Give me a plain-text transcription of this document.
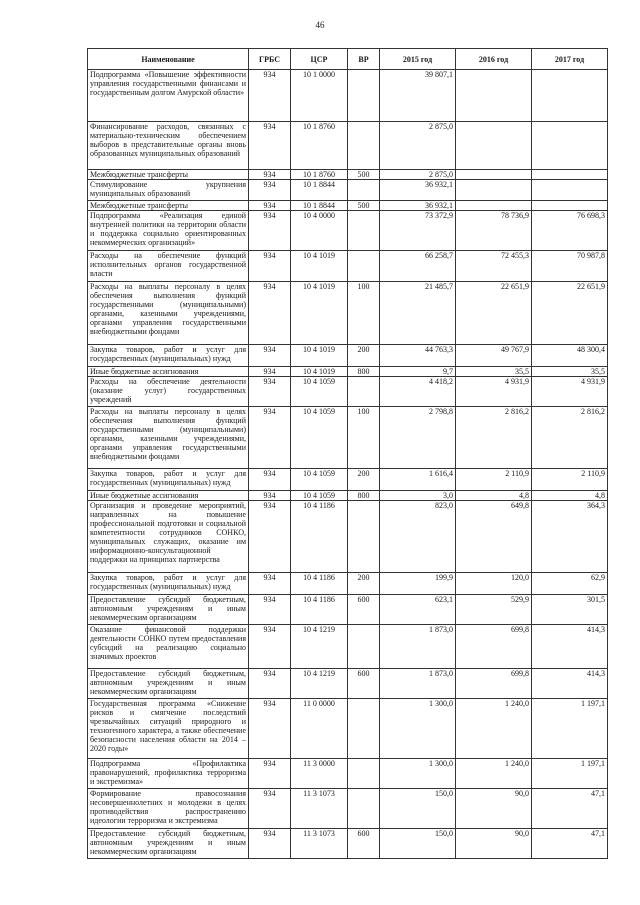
46
Наименование	ГРБС	ЦСР	ВР	2015 год	2016 год	2017 год
Подпрограмма «Повышение эффективности управления государственными финансами и государственным долгом Амурской области»	934	10 1 0000		39 807,1		
Финансирование расходов, связанных с материально-техническим обеспечением выборов в представительные органы вновь образованных муниципальных образований	934	10 1 8760		2 875,0		
Межбюджетные трансферты	934	10 1 8760	500	2 875,0		
Стимулирование укрупнения муниципальных образований	934	10 1 8844		36 932,1		
Межбюджетные трансферты	934	10 1 8844	500	36 932,1		
Подпрограмма «Реализация единой внутренней политики на территории области и поддержка социально ориентированных некоммерческих организаций»	934	10 4 0000		73 372,9	78 736,9	76 698,3
Расходы на обеспечение функций исполнительных органов государственной власти	934	10 4 1019		66 258,7	72 455,3	70 987,8
Расходы на выплаты персоналу в целях обеспечения выполнения функций государственными (муниципальными) органами, казенными учреждениями, органами управления государственными внебюджетными фондами	934	10 4 1019	100	21 485,7	22 651,9	22 651,9
Закупка товаров, работ и услуг для государственных (муниципальных) нужд	934	10 4 1019	200	44 763,3	49 767,9	48 300,4
Иные бюджетные ассигнования	934	10 4 1019	800	9,7	35,5	35,5
Расходы на обеспечение деятельности (оказание услуг) государственных учреждений	934	10 4 1059		4 418,2	4 931,9	4 931,9
Расходы на выплаты персоналу в целях обеспечения выполнения функций государственными (муниципальными) органами, казенными учреждениями, органами управления государственными внебюджетными фондами	934	10 4 1059	100	2 798,8	2 816,2	2 816,2
Закупка товаров, работ и услуг для государственных (муниципальных) нужд	934	10 4 1059	200	1 616,4	2 110,9	2 110,9
Иные бюджетные ассигнования	934	10 4 1059	800	3,0	4,8	4,8
Организация и проведение мероприятий, направленных на повышение профессиональной подготовки и социальной компетентности сотрудников СОНКО, муниципальных служащих, оказание им информационно-консультационной поддержки на принципах партнерства	934	10 4 1186		823,0	649,8	364,3
Закупка товаров, работ и услуг для государственных (муниципальных) нужд	934	10 4 1186	200	199,9	120,0	62,9
Предоставление субсидий бюджетным, автономным учреждениям и иным некоммерческим организациям	934	10 4 1186	600	623,1	529,9	301,5
Оказание финансовой поддержки деятельности СОНКО путем предоставления субсидий на реализацию социально значимых проектов	934	10 4 1219		1 873,0	699,8	414,3
Предоставление субсидий бюджетным, автономным учреждениям и иным некоммерческим организациям	934	10 4 1219	600	1 873,0	699,8	414,3
Государственная программа «Снижение рисков и смягчение последствий чрезвычайных ситуаций природного и техногенного характера, а также обеспечение безопасности населения области на 2014 – 2020 годы»	934	11 0 0000		1 300,0	1 240,0	1 197,1
Подпрограмма «Профилактика правонарушений, профилактика терроризма и экстремизма»	934	11 3 0000		1 300,0	1 240,0	1 197,1
Формирование правосознания несовершеннолетних и молодежи в целях противодействия распространению идеологии терроризма и экстремизма	934	11 3 1073		150,0	90,0	47,1
Предоставление субсидий бюджетным, автономным учреждениям и иным некоммерческим организациям	934	11 3 1073	600	150,0	90,0	47,1
